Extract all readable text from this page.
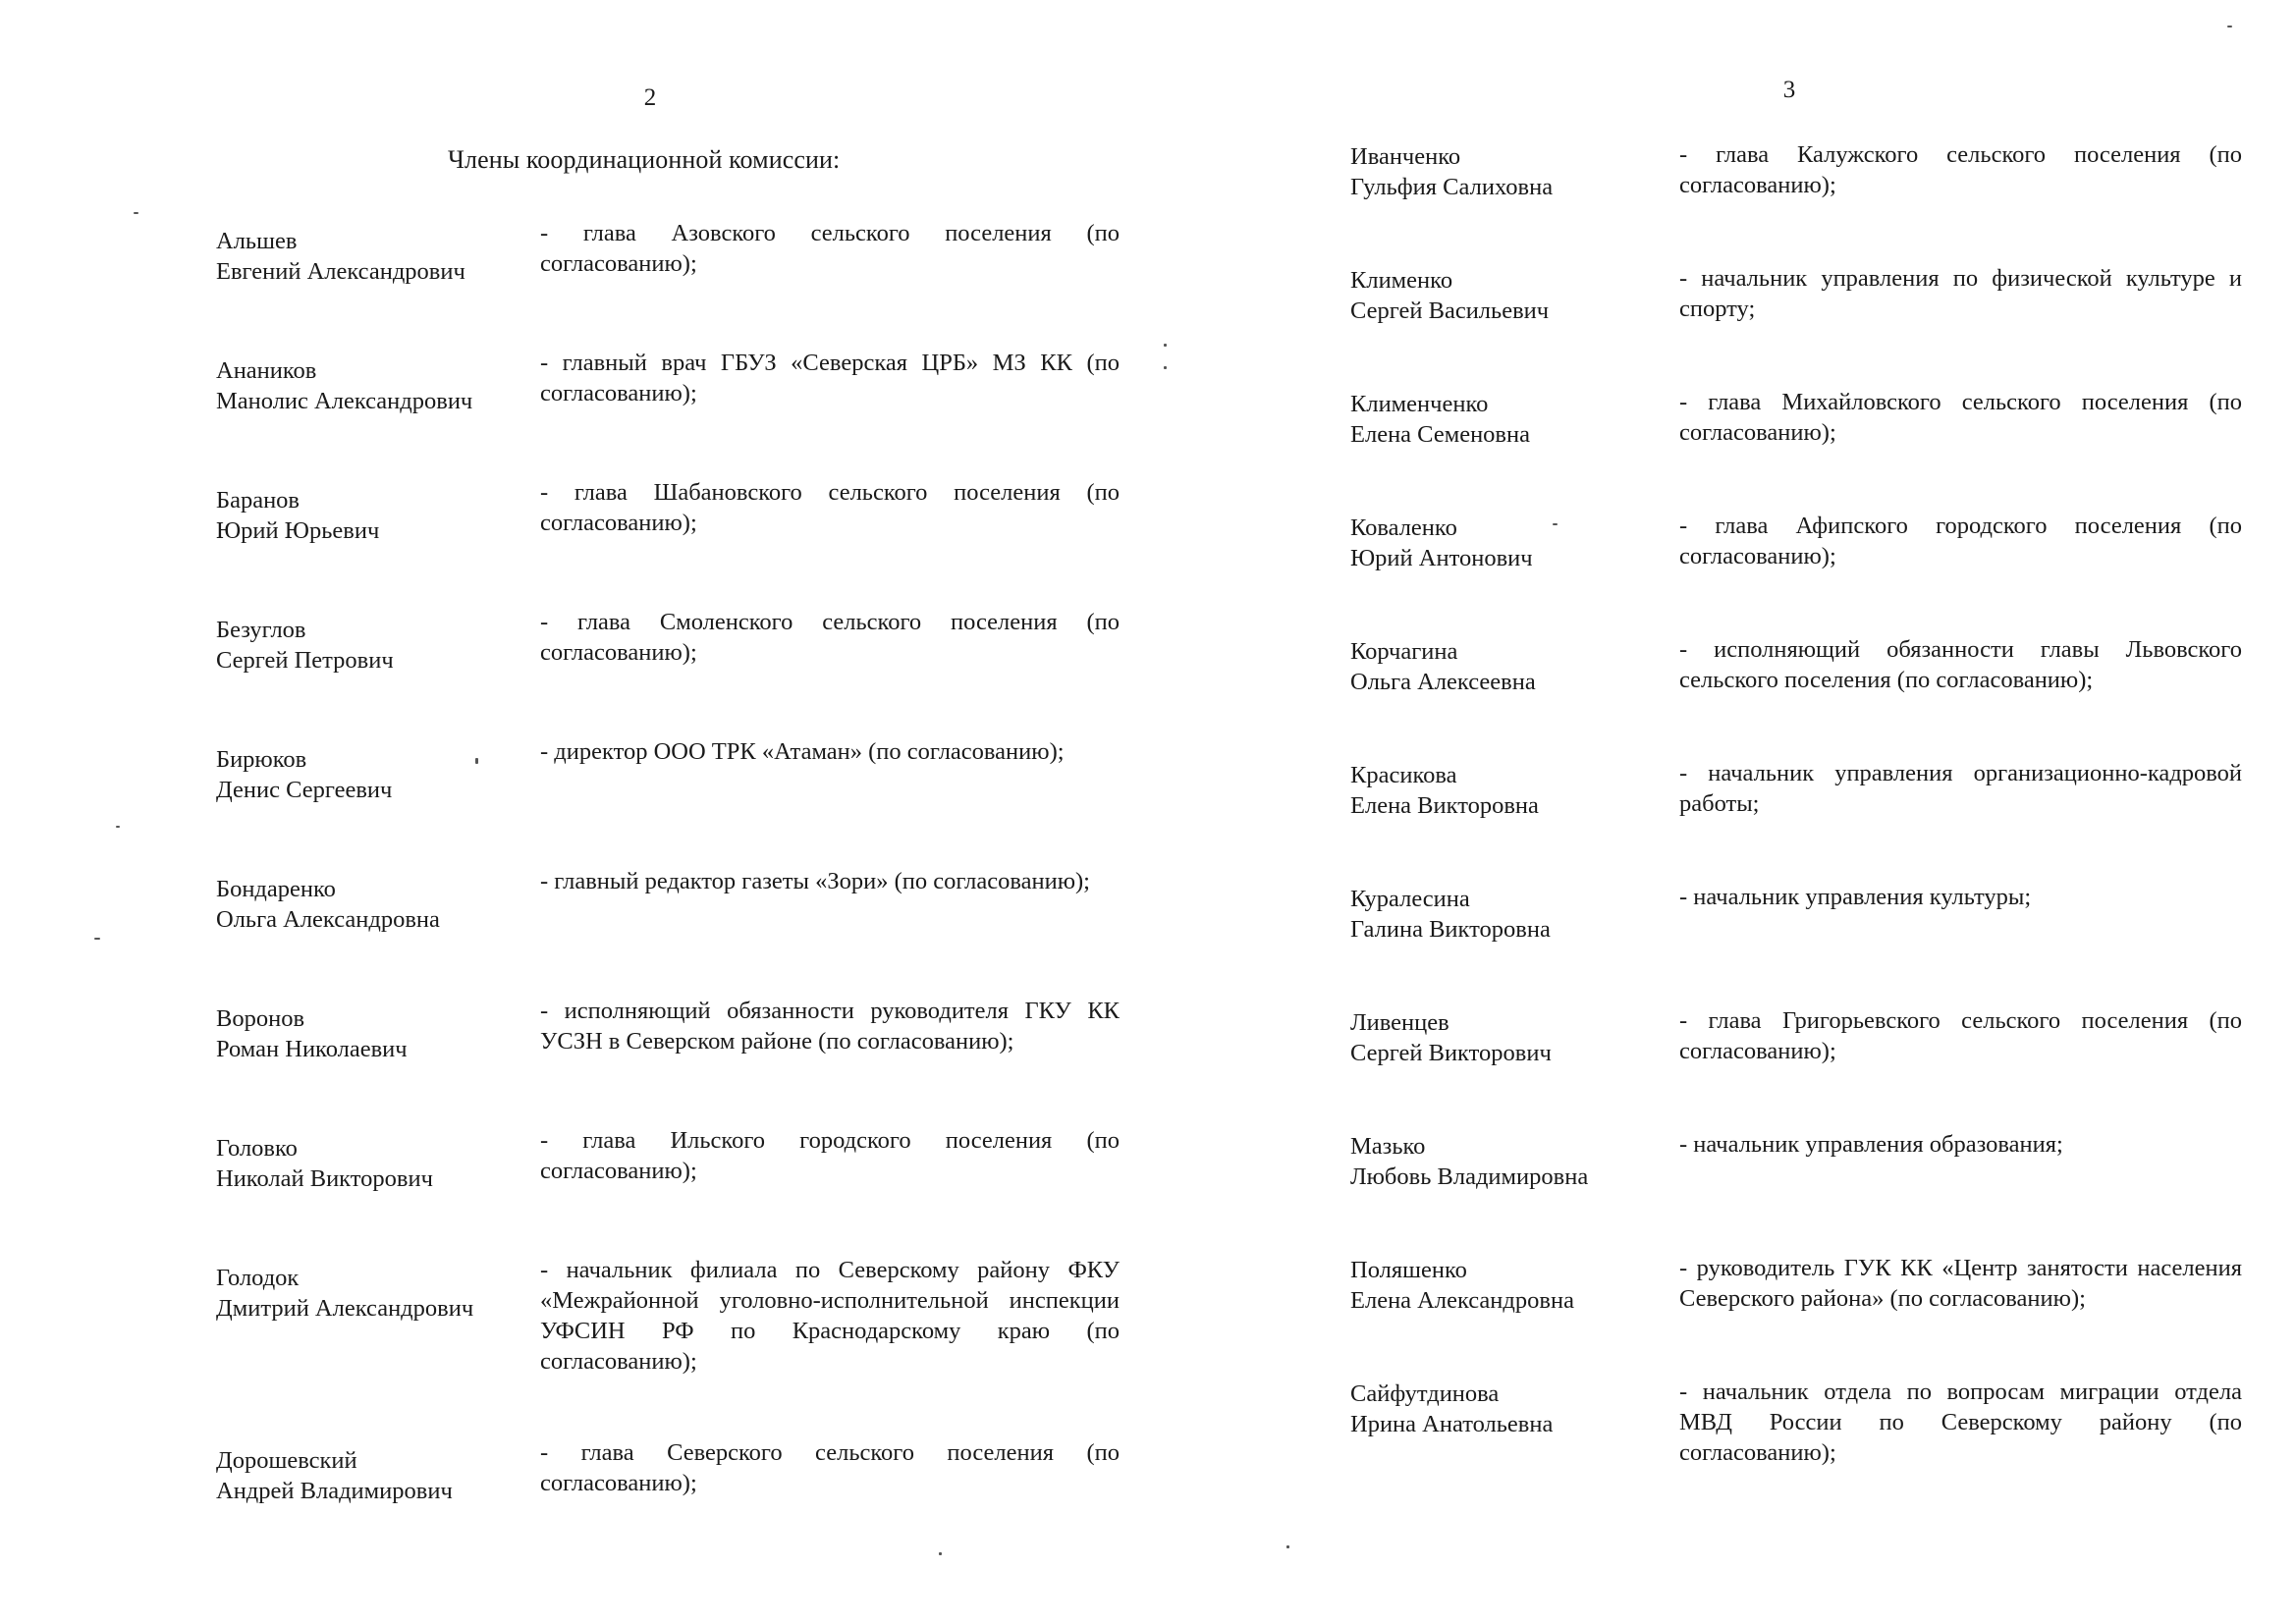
2
Члены координационной комиссии:
Альшев
Евгений Александрович
- глава Азовского сельского поселения (по согласованию);
Анаников
Манолис Александрович
- главный врач ГБУЗ «Северская ЦРБ» МЗ КК (по согласованию);
Баранов
Юрий Юрьевич
- глава Шабановского сельского поселения (по согласованию);
Безуглов
Сергей Петрович
- глава Смоленского сельского поселения (по согласованию);
Бирюков
Денис Сергеевич
- директор ООО ТРК «Атаман» (по согласованию);
Бондаренко
Ольга Александровна
- главный редактор газеты «Зори» (по согласованию);
Воронов
Роман Николаевич
- исполняющий обязанности руководителя ГКУ КК УСЗН в Северском районе (по согласованию);
Головко
Николай Викторович
- глава Ильского городского поселения (по согласованию);
Голодок
Дмитрий Александрович
- начальник филиала по Северскому району ФКУ «Межрайонной уголовно-исполнительной инспекции УФСИН РФ по Краснодарскому краю (по согласованию);
Дорошевский
Андрей Владимирович
- глава Северского сельского поселения (по согласованию);
3
Иванченко
Гульфия Салиховна
- глава Калужского сельского поселения (по согласованию);
Клименко
Сергей Васильевич
- начальник управления по физической культуре и спорту;
Клименченко
Елена Семеновна
- глава Михайловского сельского поселения (по согласованию);
Коваленко
Юрий Антонович
- глава Афипского городского поселения (по согласованию);
Корчагина
Ольга Алексеевна
- исполняющий обязанности главы Львовского сельского поселения (по согласованию);
Красикова
Елена Викторовна
- начальник управления организационно-кадровой работы;
Куралесина
Галина Викторовна
- начальник управления культуры;
Ливенцев
Сергей Викторович
- глава Григорьевского сельского поселения (по согласованию);
Мазько
Любовь Владимировна
- начальник управления образования;
Поляшенко
Елена Александровна
- руководитель ГУК КК «Центр занятости населения Северского района» (по согласованию);
Сайфутдинова
Ирина Анатольевна
- начальник отдела по вопросам миграции отдела МВД России по Северскому району (по согласованию);
